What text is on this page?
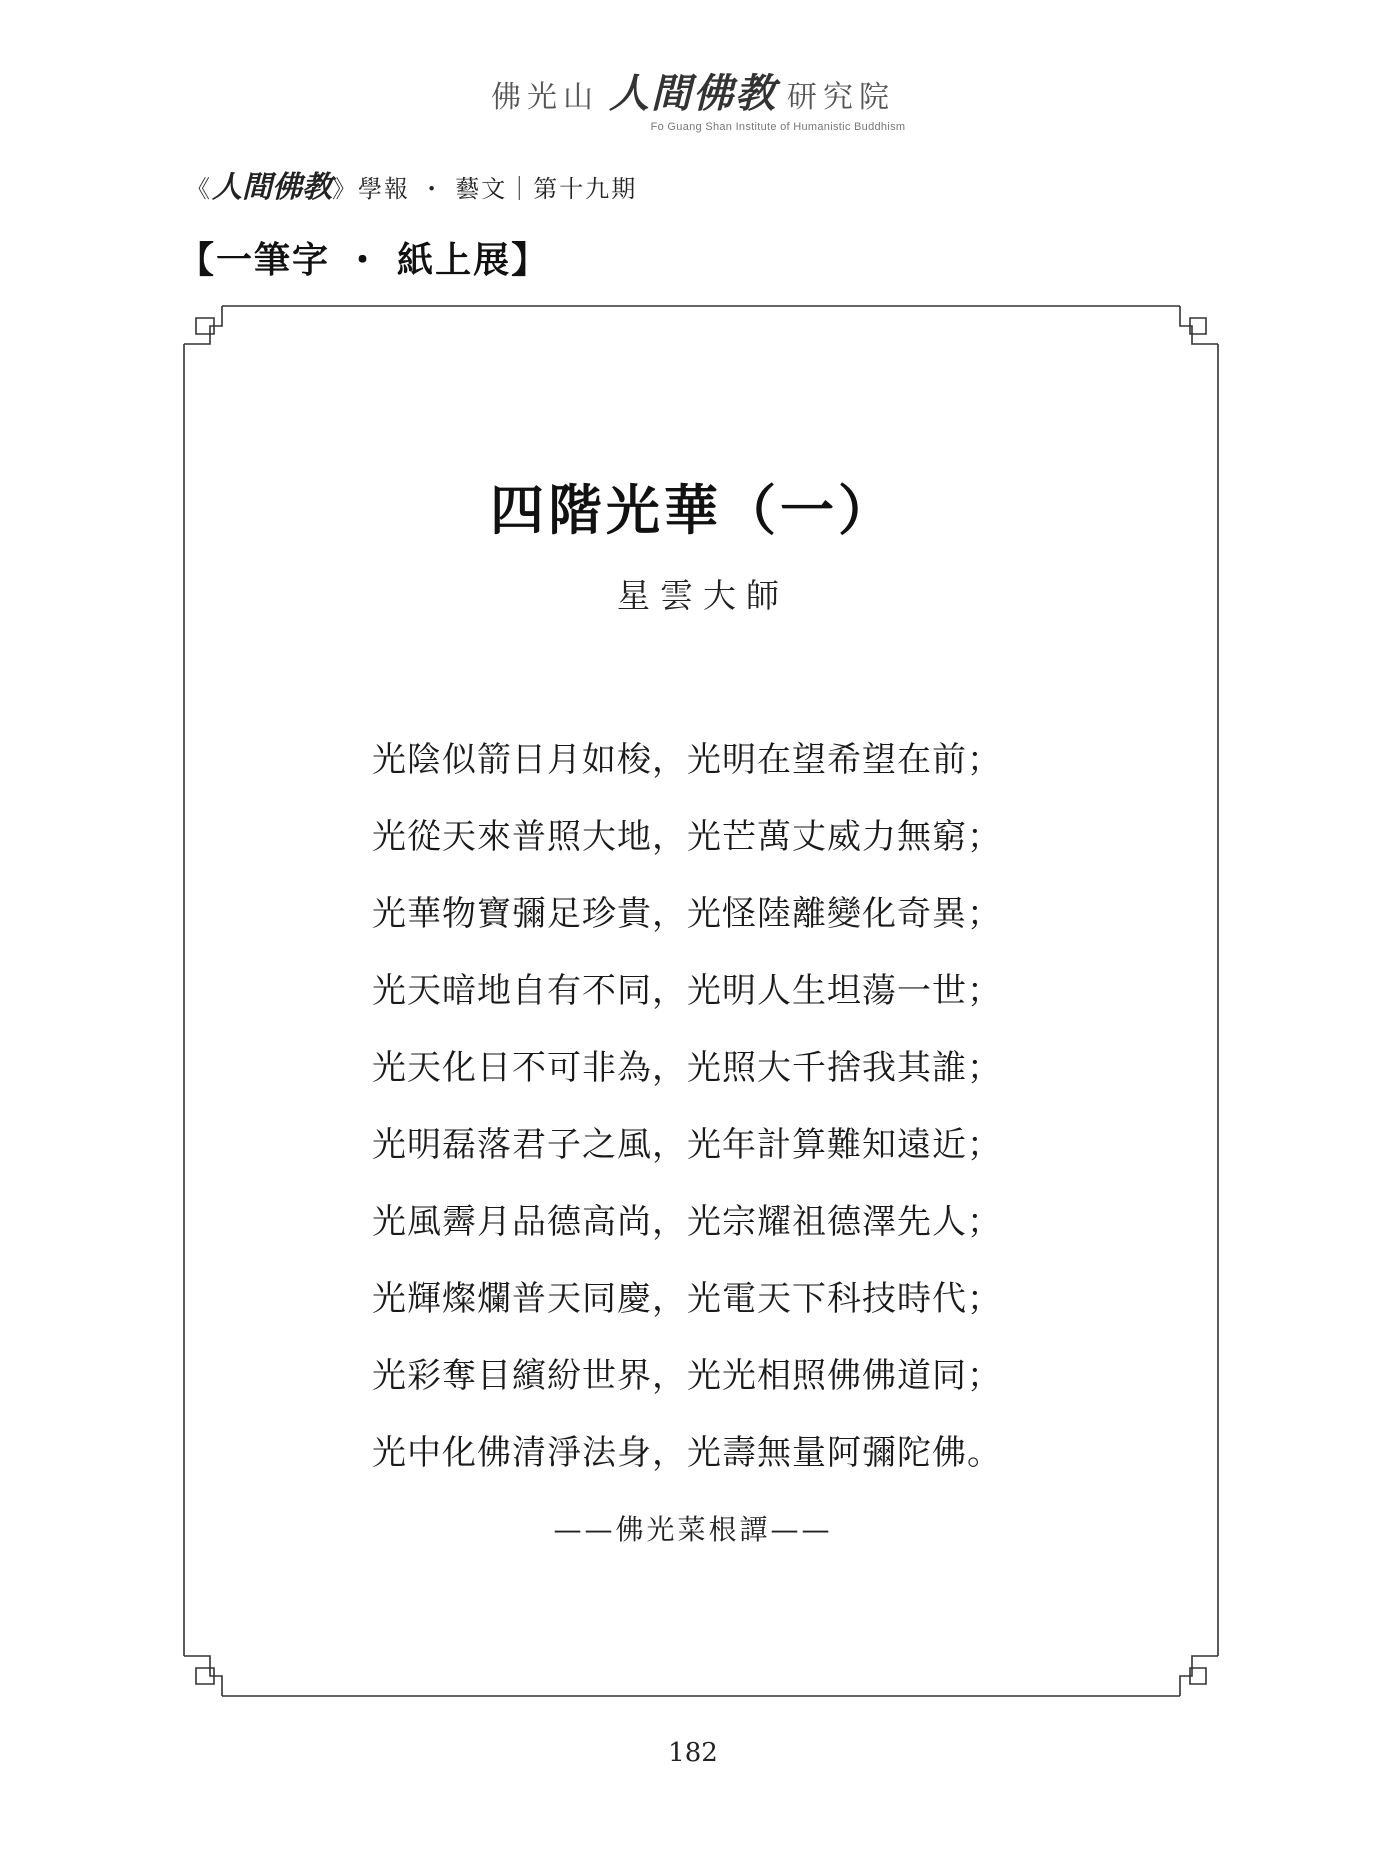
佛光山 人間佛教 研究院
Fo Guang Shan Institute of Humanistic Buddhism
《人間佛教》學報 ・ 藝文｜第十九期
【一筆字 ・ 紙上展】
四階光華（一）
星雲大師
光陰似箭日月如梭，光明在望希望在前；
光從天來普照大地，光芒萬丈威力無窮；
光華物寶彌足珍貴，光怪陸離變化奇異；
光天暗地自有不同，光明人生坦蕩一世；
光天化日不可非為，光照大千捨我其誰；
光明磊落君子之風，光年計算難知遠近；
光風霽月品德高尚，光宗耀祖德澤先人；
光輝燦爛普天同慶，光電天下科技時代；
光彩奪目繽紛世界，光光相照佛佛道同；
光中化佛清淨法身，光壽無量阿彌陀佛。
——佛光菜根譚——
182
